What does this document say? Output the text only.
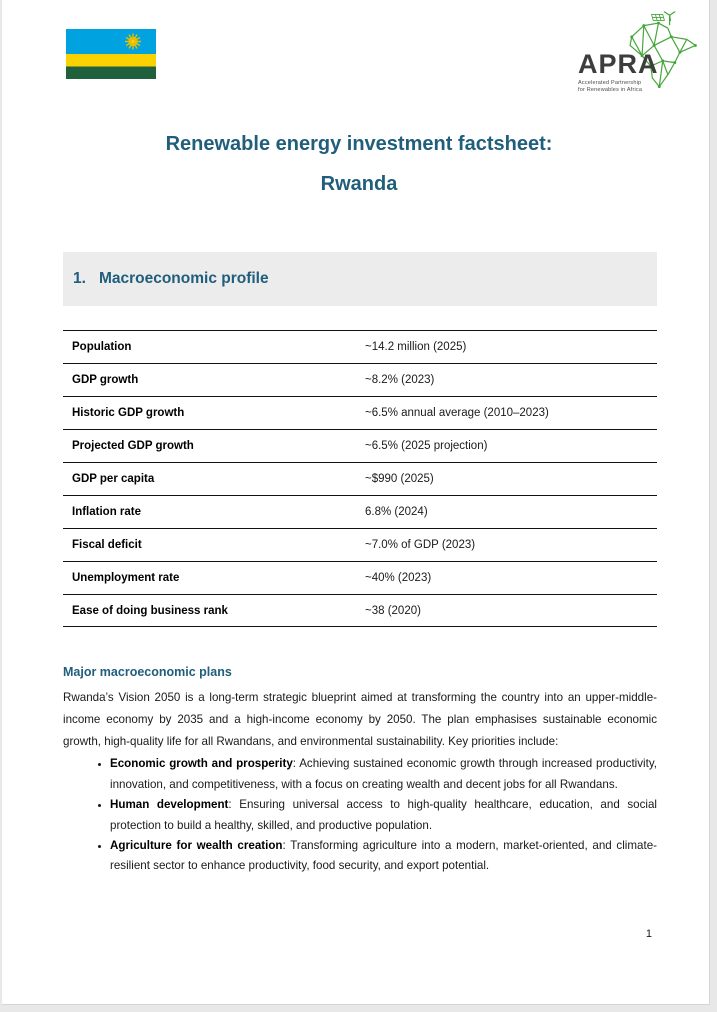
APRA
Accelerated Partnership
for Renewables in Africa
Renewable energy investment factsheet:
Rwanda
1. Macroeconomic profile
Population	~14.2 million (2025)
GDP growth	~8.2% (2023)
Historic GDP growth	~6.5% annual average (2010–2023)
Projected GDP growth	~6.5% (2025 projection)
GDP per capita	~$990 (2025)
Inflation rate	6.8% (2024)
Fiscal deficit	~7.0% of GDP (2023)
Unemployment rate	~40% (2023)
Ease of doing business rank	~38 (2020)
Major macroeconomic plans

Rwanda’s Vision 2050 is a long-term strategic blueprint aimed at transforming the country into an upper-middle-income economy by 2035 and a high-income economy by 2050. The plan emphasises sustainable economic growth, high-quality life for all Rwandans, and environmental sustainability. Key priorities include:

• Economic growth and prosperity: Achieving sustained economic growth through increased productivity, innovation, and competitiveness, with a focus on creating wealth and decent jobs for all Rwandans.
• Human development: Ensuring universal access to high-quality healthcare, education, and social protection to build a healthy, skilled, and productive population.
• Agriculture for wealth creation: Transforming agriculture into a modern, market-oriented, and climate-resilient sector to enhance productivity, food security, and export potential.
1
